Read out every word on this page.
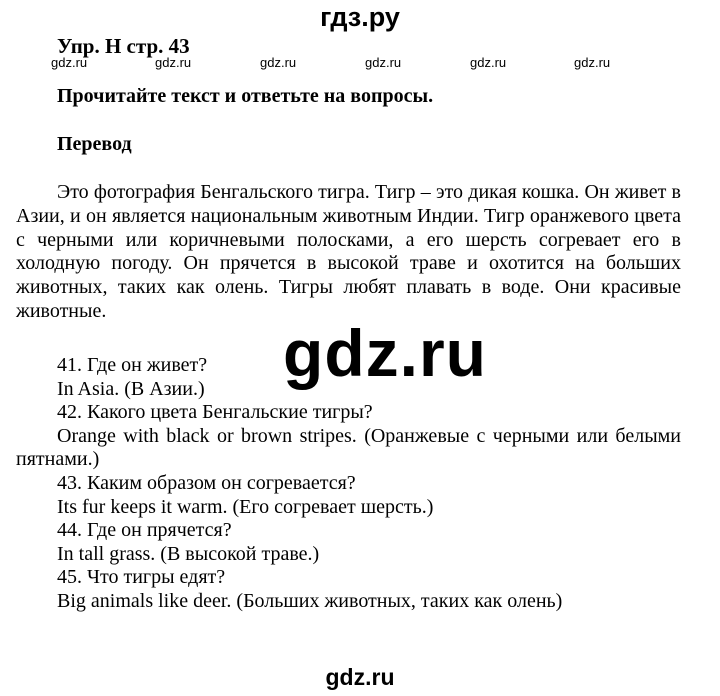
гдз.ру
Упр. H стр. 43
gdz.ru	gdz.ru	gdz.ru	gdz.ru	gdz.ru	gdz.ru
Прочитайте текст и ответьте на вопросы.
Перевод

Это фотография Бенгальского тигра. Тигр – это дикая кошка. Он живет в Азии, и он является национальным животным Индии. Тигр оранжевого цвета с черными или коричневыми полосками, а его шерсть согревает его в холодную погоду. Он прячется в высокой траве и охотится на больших животных, таких как олень. Тигры любят плавать в воде. Они красивые животные.

41. Где он живет?
In Asia. (В Азии.)
42. Какого цвета Бенгальские тигры?
Orange with black or brown stripes. (Оранжевые с черными или белыми пятнами.)
43. Каким образом он согревается?
Its fur keeps it warm. (Его согревает шерсть.)
44. Где он прячется?
In tall grass. (В высокой траве.)
45. Что тигры едят?
Big animals like deer. (Больших животных, таких как олень)
gdz.ru
gdz.ru
